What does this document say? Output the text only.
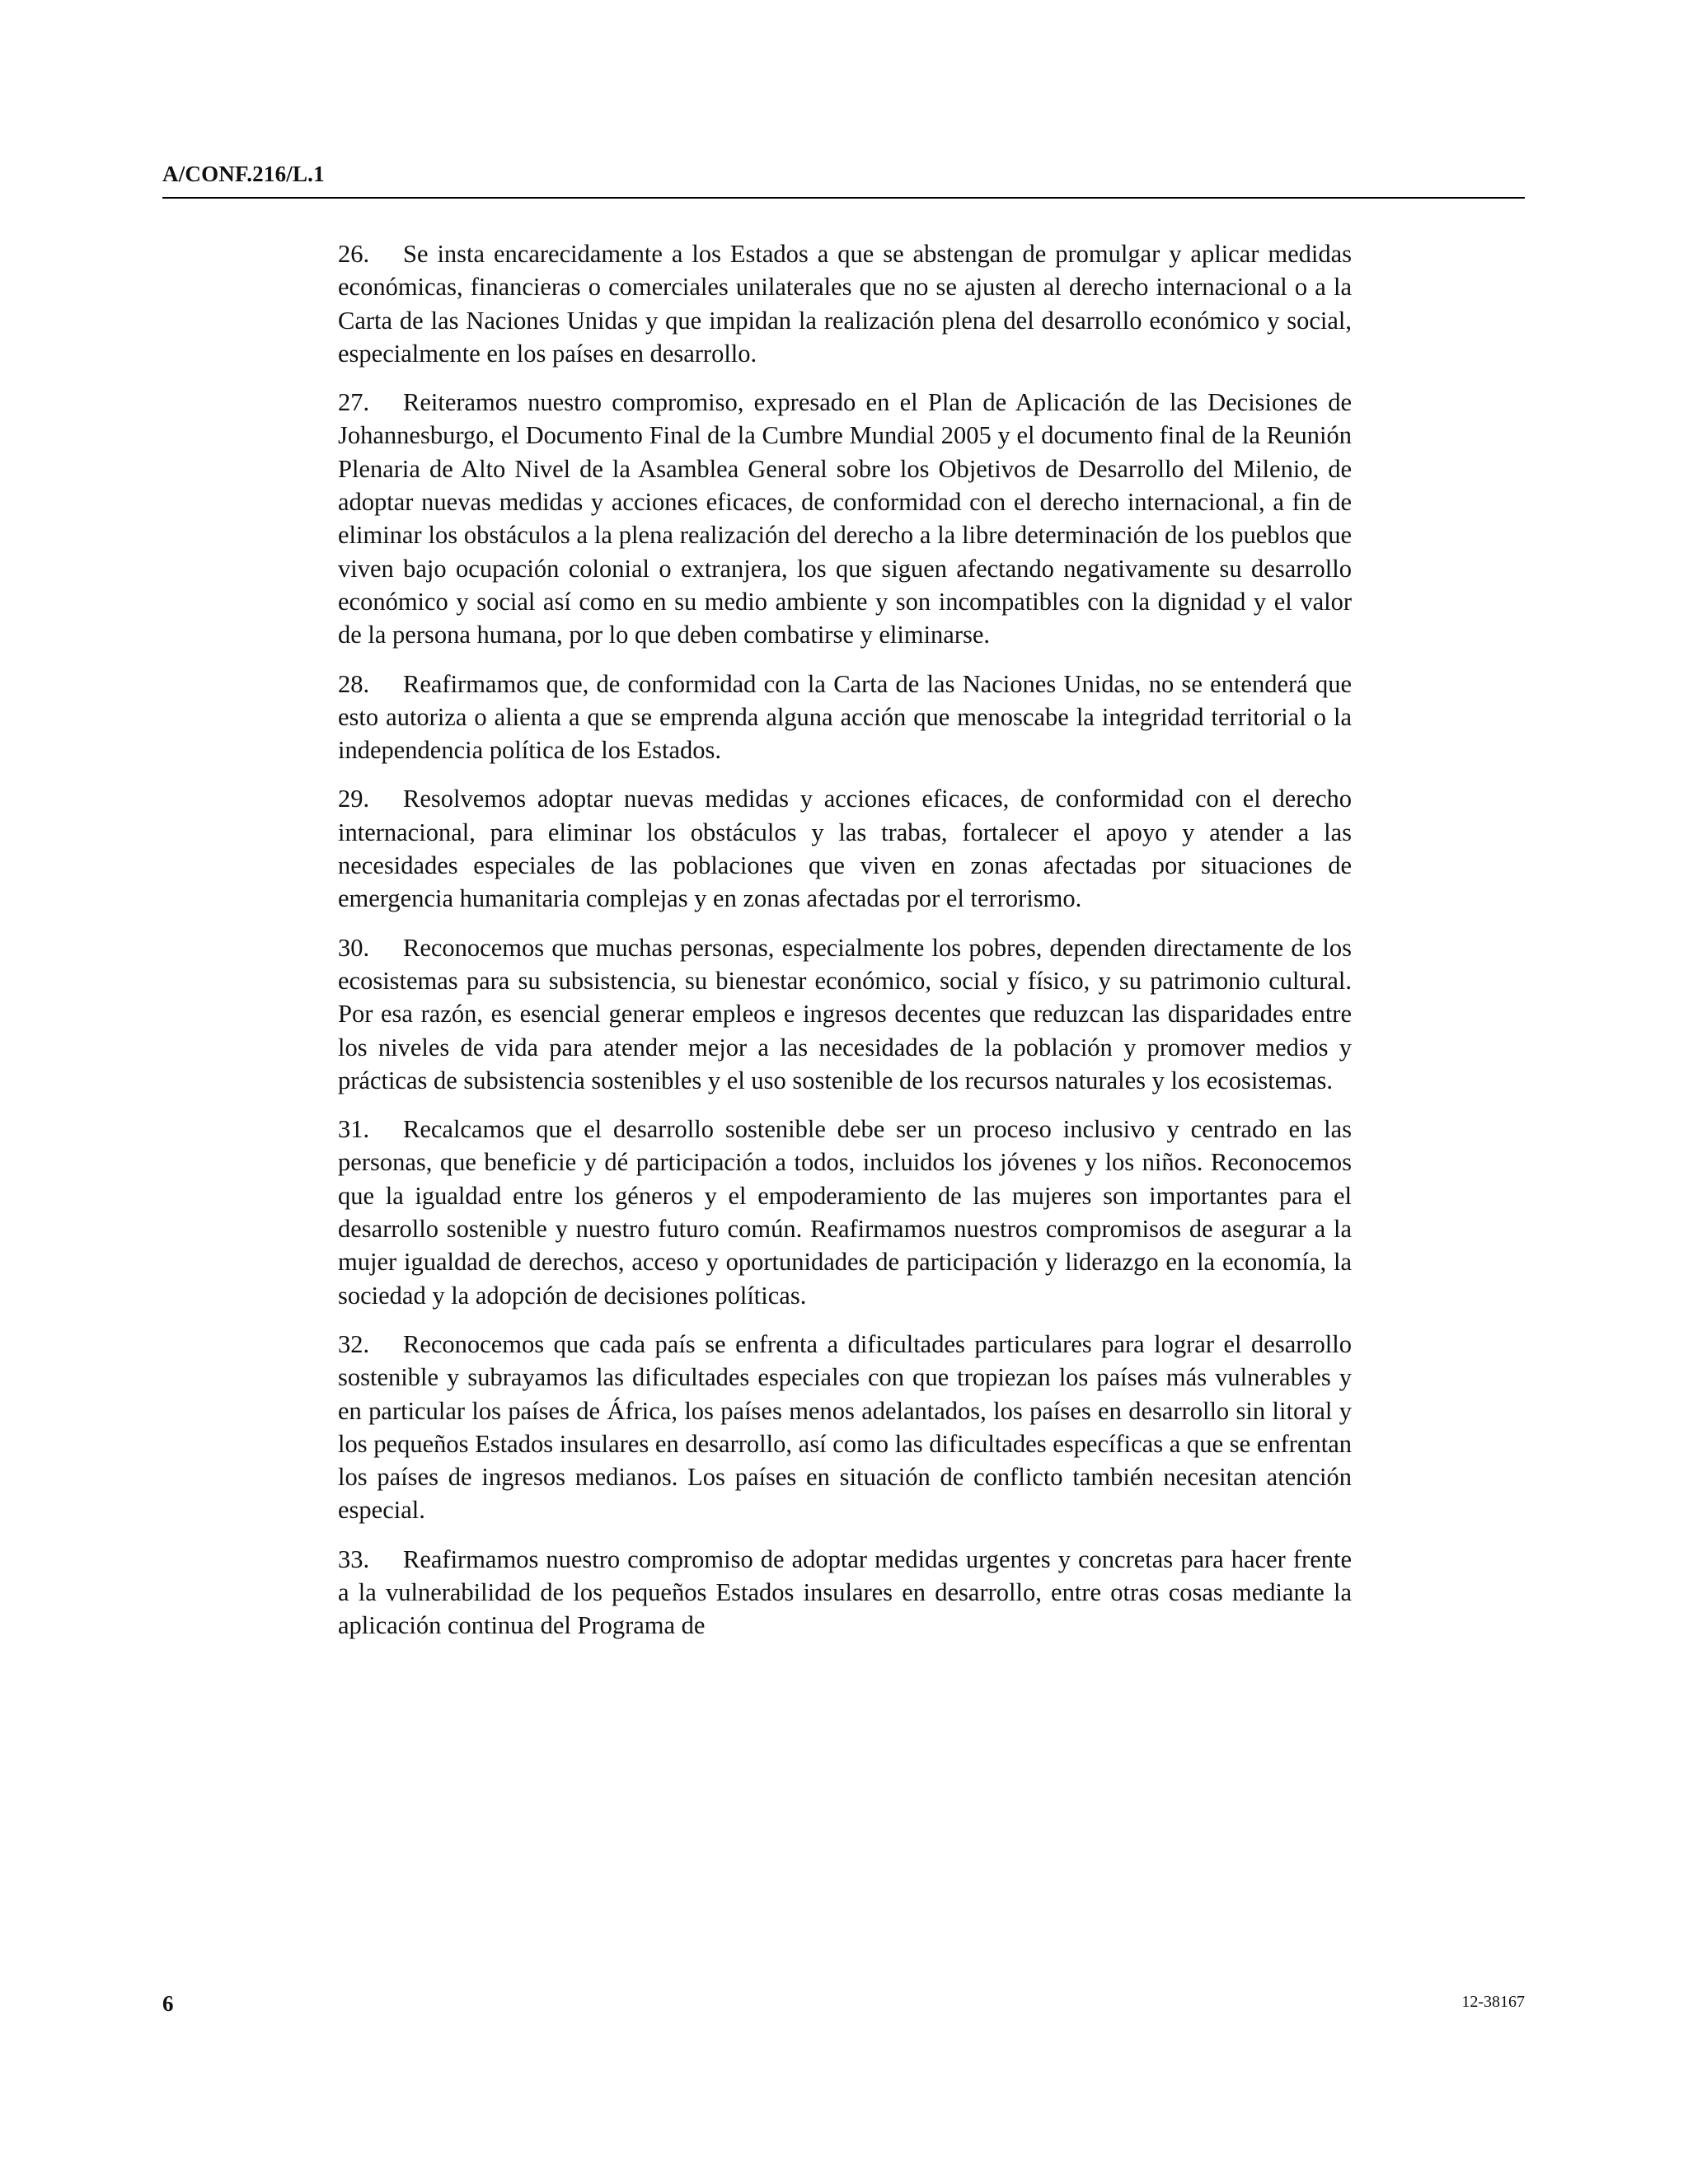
A/CONF.216/L.1

26. Se insta encarecidamente a los Estados a que se abstengan de promulgar y aplicar medidas económicas, financieras o comerciales unilaterales que no se ajusten al derecho internacional o a la Carta de las Naciones Unidas y que impidan la realización plena del desarrollo económico y social, especialmente en los países en desarrollo.

27. Reiteramos nuestro compromiso, expresado en el Plan de Aplicación de las Decisiones de Johannesburgo, el Documento Final de la Cumbre Mundial 2005 y el documento final de la Reunión Plenaria de Alto Nivel de la Asamblea General sobre los Objetivos de Desarrollo del Milenio, de adoptar nuevas medidas y acciones eficaces, de conformidad con el derecho internacional, a fin de eliminar los obstáculos a la plena realización del derecho a la libre determinación de los pueblos que viven bajo ocupación colonial o extranjera, los que siguen afectando negativamente su desarrollo económico y social así como en su medio ambiente y son incompatibles con la dignidad y el valor de la persona humana, por lo que deben combatirse y eliminarse.

28. Reafirmamos que, de conformidad con la Carta de las Naciones Unidas, no se entenderá que esto autoriza o alienta a que se emprenda alguna acción que menoscabe la integridad territorial o la independencia política de los Estados.

29. Resolvemos adoptar nuevas medidas y acciones eficaces, de conformidad con el derecho internacional, para eliminar los obstáculos y las trabas, fortalecer el apoyo y atender a las necesidades especiales de las poblaciones que viven en zonas afectadas por situaciones de emergencia humanitaria complejas y en zonas afectadas por el terrorismo.

30. Reconocemos que muchas personas, especialmente los pobres, dependen directamente de los ecosistemas para su subsistencia, su bienestar económico, social y físico, y su patrimonio cultural. Por esa razón, es esencial generar empleos e ingresos decentes que reduzcan las disparidades entre los niveles de vida para atender mejor a las necesidades de la población y promover medios y prácticas de subsistencia sostenibles y el uso sostenible de los recursos naturales y los ecosistemas.

31. Recalcamos que el desarrollo sostenible debe ser un proceso inclusivo y centrado en las personas, que beneficie y dé participación a todos, incluidos los jóvenes y los niños. Reconocemos que la igualdad entre los géneros y el empoderamiento de las mujeres son importantes para el desarrollo sostenible y nuestro futuro común. Reafirmamos nuestros compromisos de asegurar a la mujer igualdad de derechos, acceso y oportunidades de participación y liderazgo en la economía, la sociedad y la adopción de decisiones políticas.

32. Reconocemos que cada país se enfrenta a dificultades particulares para lograr el desarrollo sostenible y subrayamos las dificultades especiales con que tropiezan los países más vulnerables y en particular los países de África, los países menos adelantados, los países en desarrollo sin litoral y los pequeños Estados insulares en desarrollo, así como las dificultades específicas a que se enfrentan los países de ingresos medianos. Los países en situación de conflicto también necesitan atención especial.

33. Reafirmamos nuestro compromiso de adoptar medidas urgentes y concretas para hacer frente a la vulnerabilidad de los pequeños Estados insulares en desarrollo, entre otras cosas mediante la aplicación continua del Programa de

6	12-38167
